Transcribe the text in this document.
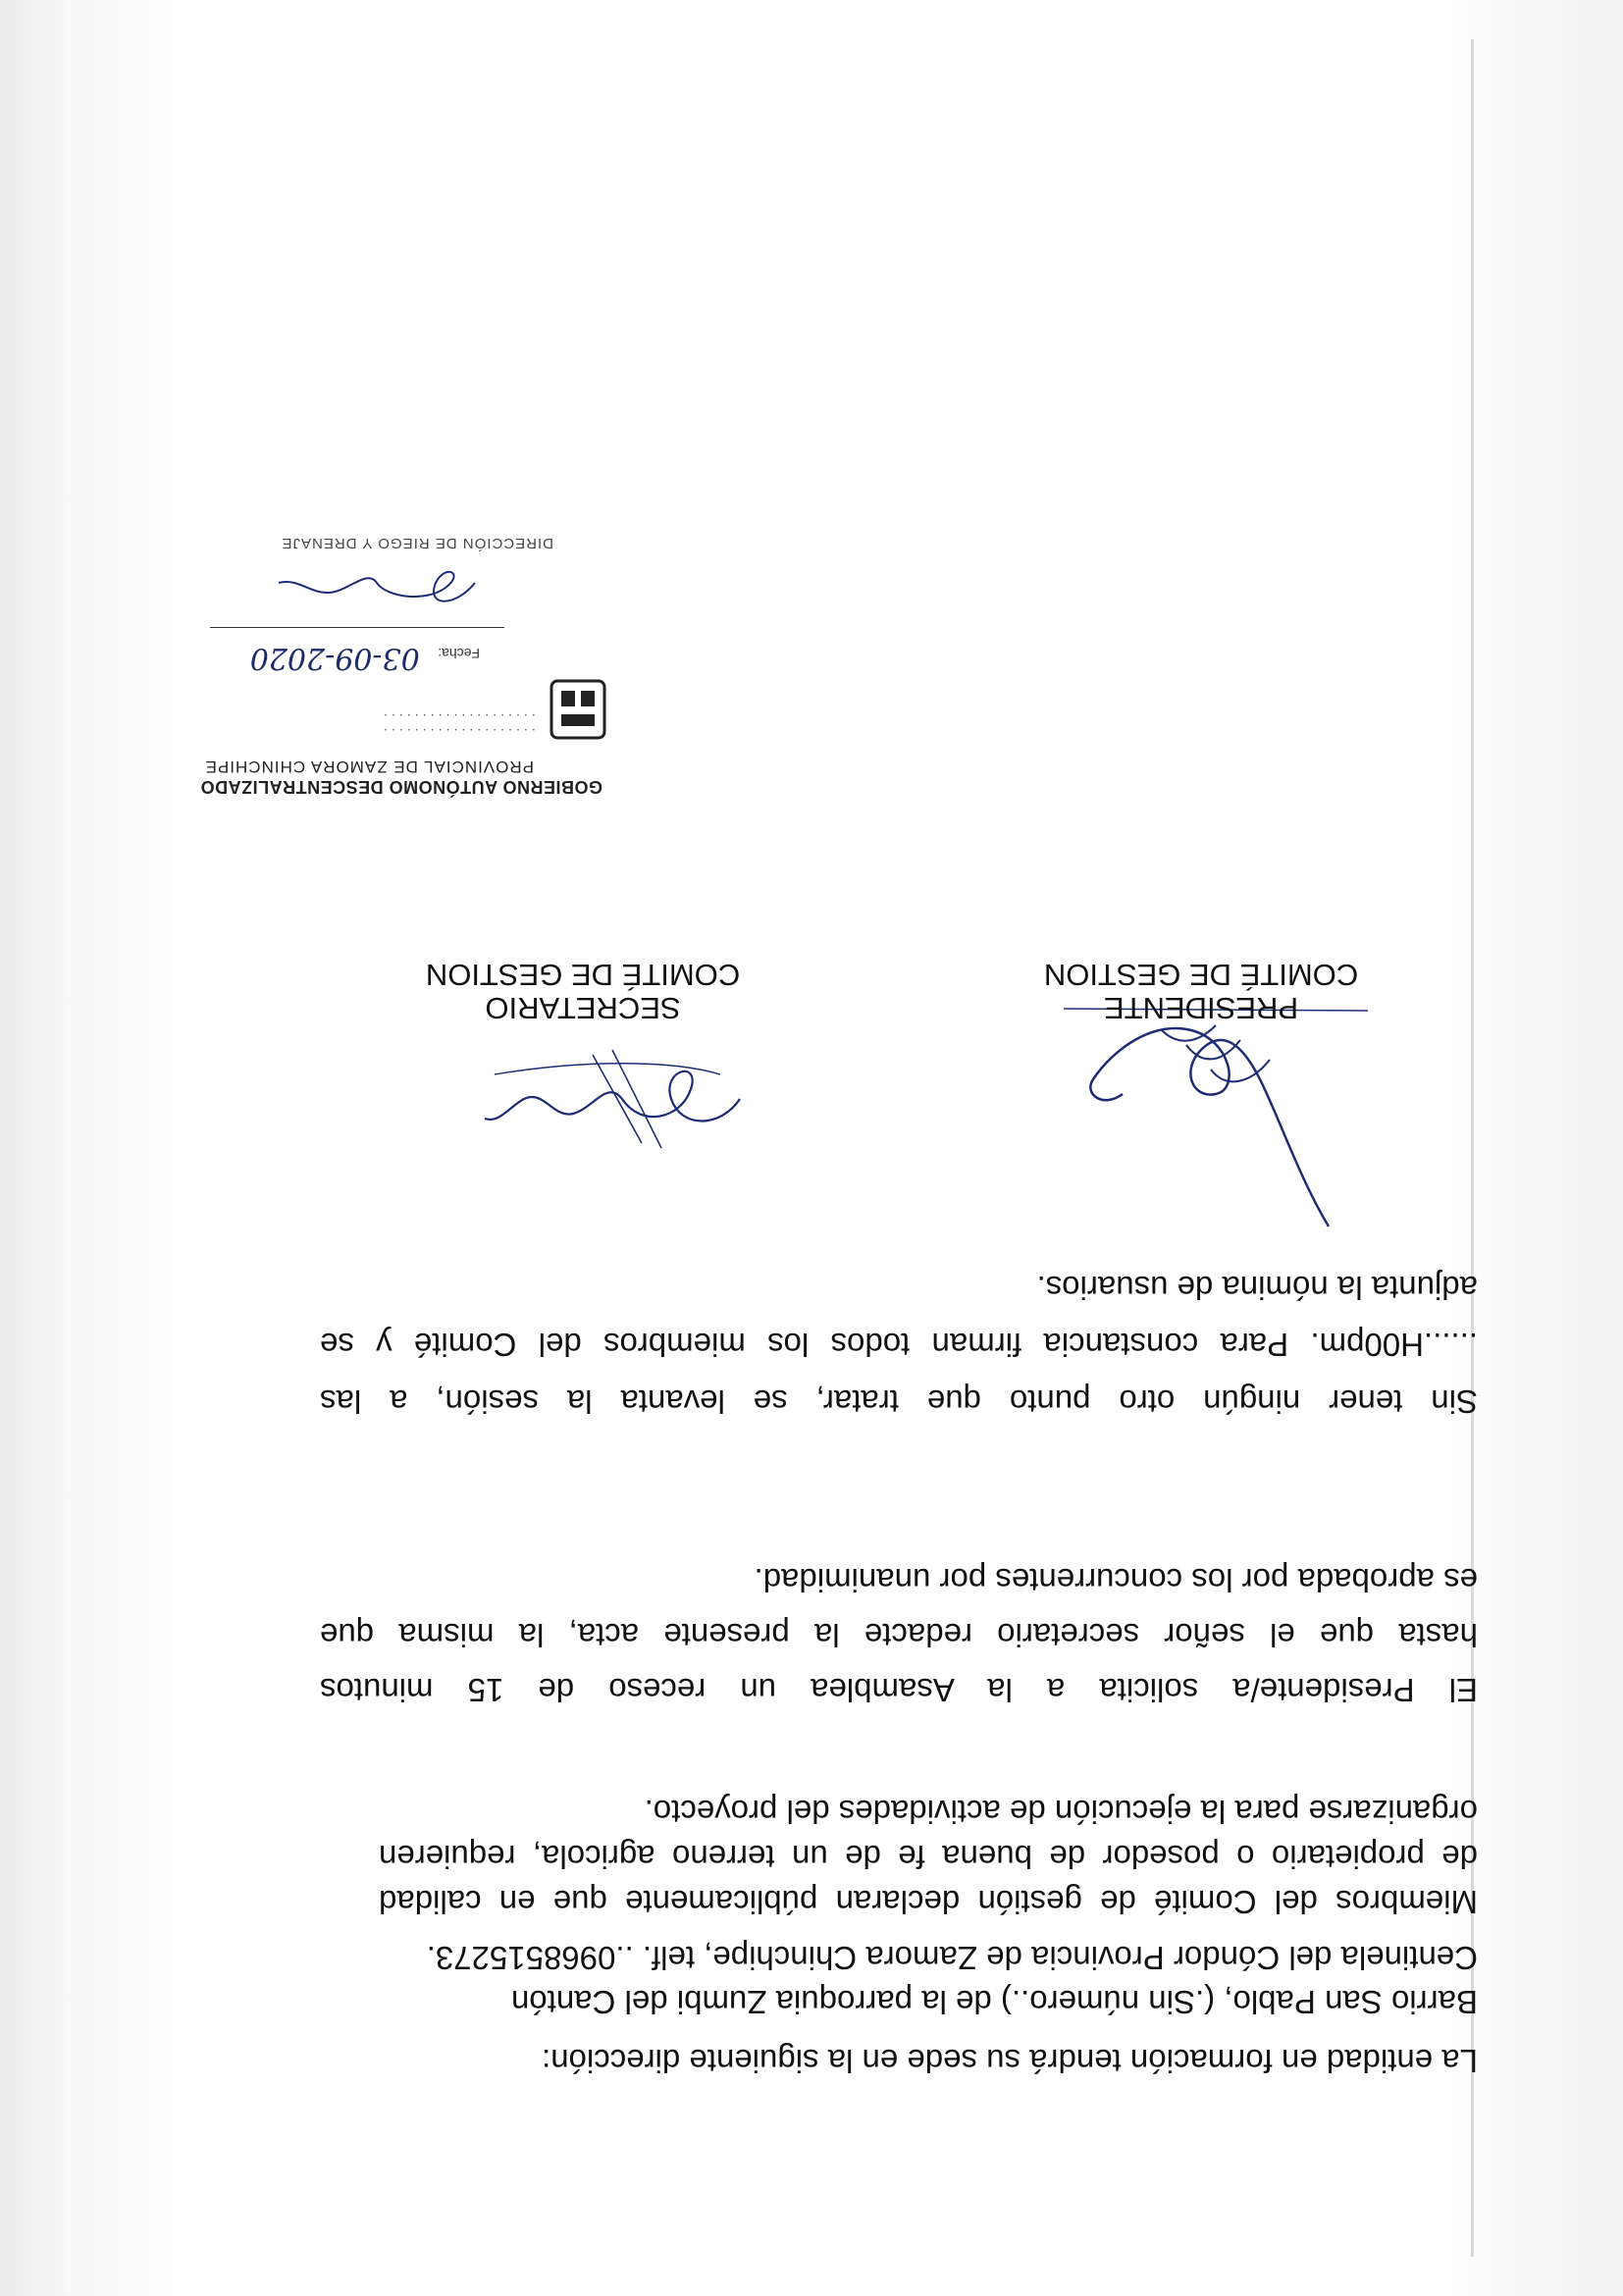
La entidad en formación tendrá su sede en la siguiente dirección:
Barrio San Pablo, (.Sin número..) de la parroquia Zumbi del Cantón
Centinela del Cóndor Provincia de Zamora Chinchipe, telf. ..0968515273.
Miembros del Comité de gestión declaran públicamente que en calidad
de propietario o posedor de buena fe de un terreno agricola, requieren
organizarse para la ejecución de actividades del proyecto.
El Presidente/a solicita a la Asamblea un receso de 15 minutos
hasta que el señor secretario redacte la presente acta, la misma que
es aprobada por los concurrentes por unanimidad.
Sin tener ningún otro punto que tratar, se levanta la sesión, a las
......H00pm. Para constancia firman todos los miembros del Comité y se
adjunta la nómina de usuarios.
PRESIDENTE
COMITÉ DE GESTION
SECRETARIO
COMITÉ DE GESTION
GOBIERNO AUTÓNOMO DESCENTRALIZADO
PROVINCIAL DE ZAMORA CHINCHIPE
· · · · · · · · · · · · · · · · · · · ·
· · · · · · · · · · · · · · · · · · · ·
Fecha: 03-09-2020
DIRECCIÓN DE RIEGO Y DRENAJE
